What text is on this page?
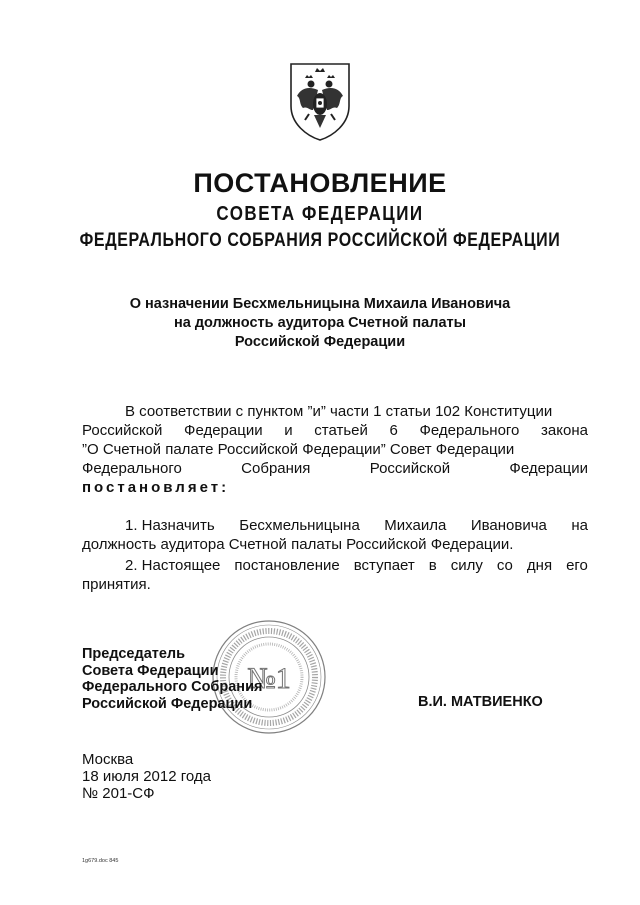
ПОСТАНОВЛЕНИЕ
СОВЕТА ФЕДЕРАЦИИ
ФЕДЕРАЛЬНОГО СОБРАНИЯ РОССИЙСКОЙ ФЕДЕРАЦИИ
О назначении Бесхмельницына Михаила Ивановича
на должность аудитора Счетной палаты
Российской Федерации
В соответствии с пунктом ”и” части 1 статьи 102 Конституции
Российской Федерации и статьей 6 Федерального закона
”О Счетной палате Российской Федерации” Совет Федерации
Федерального	Собрания	Российской	Федерации
постановляет:
1. Назначить Бесхмельницына Михаила Ивановича на
должность аудитора Счетной палаты Российской Федерации.
2. Настоящее постановление вступает в силу со дня его
принятия.
№1
Председатель
Совета Федерации
Федерального Собрания
Российской Федерации	В.И. МАТВИЕНКО
Москва
18 июля 2012 года
№ 201-СФ
1g679.doc 845
